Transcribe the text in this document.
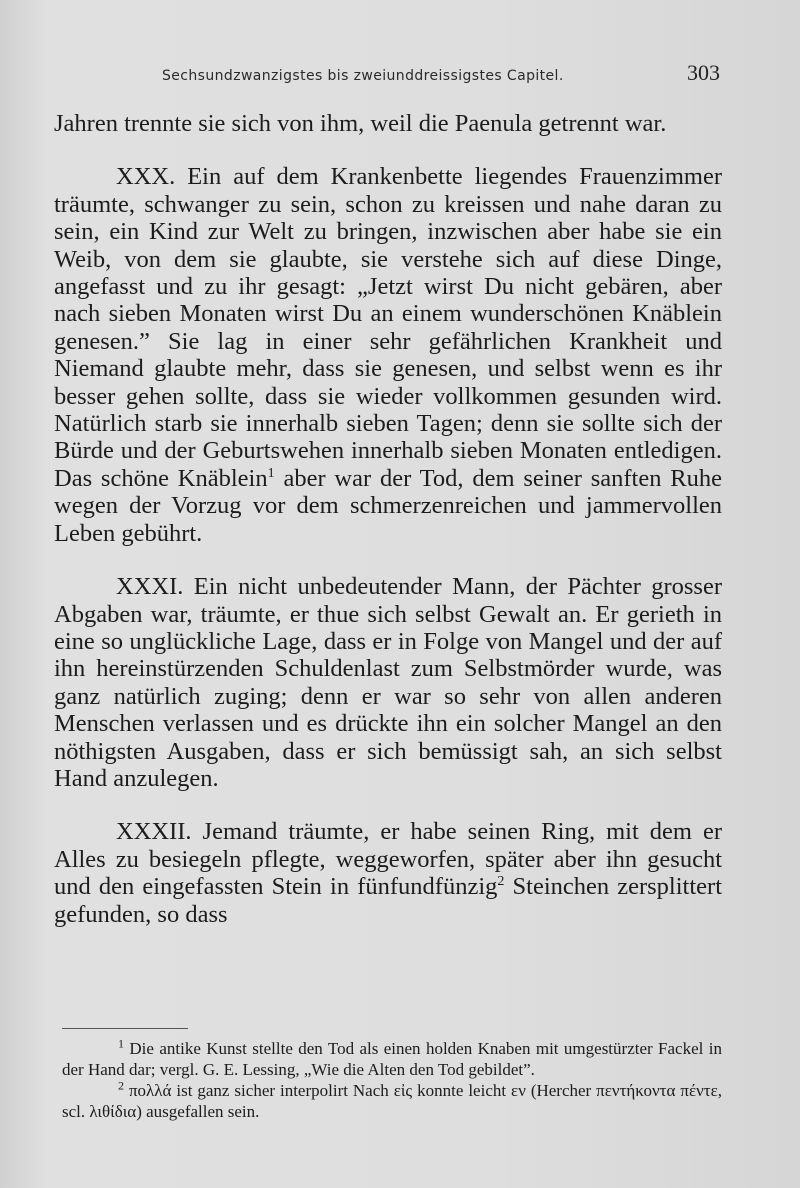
Sechsundzwanzigstes bis zweiunddreissigstes Capitel.	303

Jahren trennte sie sich von ihm, weil die Paenula getrennt war.

XXX. Ein auf dem Krankenbette liegendes Frauenzimmer träumte, schwanger zu sein, schon zu kreissen und nahe daran zu sein, ein Kind zur Welt zu bringen, inzwischen aber habe sie ein Weib, von dem sie glaubte, sie verstehe sich auf diese Dinge, angefasst und zu ihr gesagt: „Jetzt wirst Du nicht gebären, aber nach sieben Monaten wirst Du an einem wunderschönen Knäblein genesen.” Sie lag in einer sehr gefährlichen Krankheit und Niemand glaubte mehr, dass sie genesen, und selbst wenn es ihr besser gehen sollte, dass sie wieder vollkommen gesunden wird. Natürlich starb sie innerhalb sieben Tagen; denn sie sollte sich der Bürde und der Geburtswehen innerhalb sieben Monaten entledigen. Das schöne Knäblein$^1$ aber war der Tod, dem seiner sanften Ruhe wegen der Vorzug vor dem schmerzenreichen und jammervollen Leben gebührt.

XXXI. Ein nicht unbedeutender Mann, der Pächter grosser Abgaben war, träumte, er thue sich selbst Gewalt an. Er gerieth in eine so unglückliche Lage, dass er in Folge von Mangel und der auf ihn hereinstürzenden Schuldenlast zum Selbstmörder wurde, was ganz natürlich zuging; denn er war so sehr von allen anderen Menschen verlassen und es drückte ihn ein solcher Mangel an den nöthigsten Ausgaben, dass er sich bemüssigt sah, an sich selbst Hand anzulegen.

XXXII. Jemand träumte, er habe seinen Ring, mit dem er Alles zu besiegeln pflegte, weggeworfen, später aber ihn gesucht und den eingefassten Stein in fünfundfünzig$^2$ Steinchen zersplittert gefunden, so dass

$^1$ Die antike Kunst stellte den Tod als einen holden Knaben mit umgestürzter Fackel in der Hand dar; vergl. G. E. Lessing, „Wie die Alten den Tod gebildet”.

$^2$ πολλά ist ganz sicher interpolirt Nach εἰς konnte leicht εν (Hercher πεντήκοντα πέντε, scl. λιθίδια) ausgefallen sein.
